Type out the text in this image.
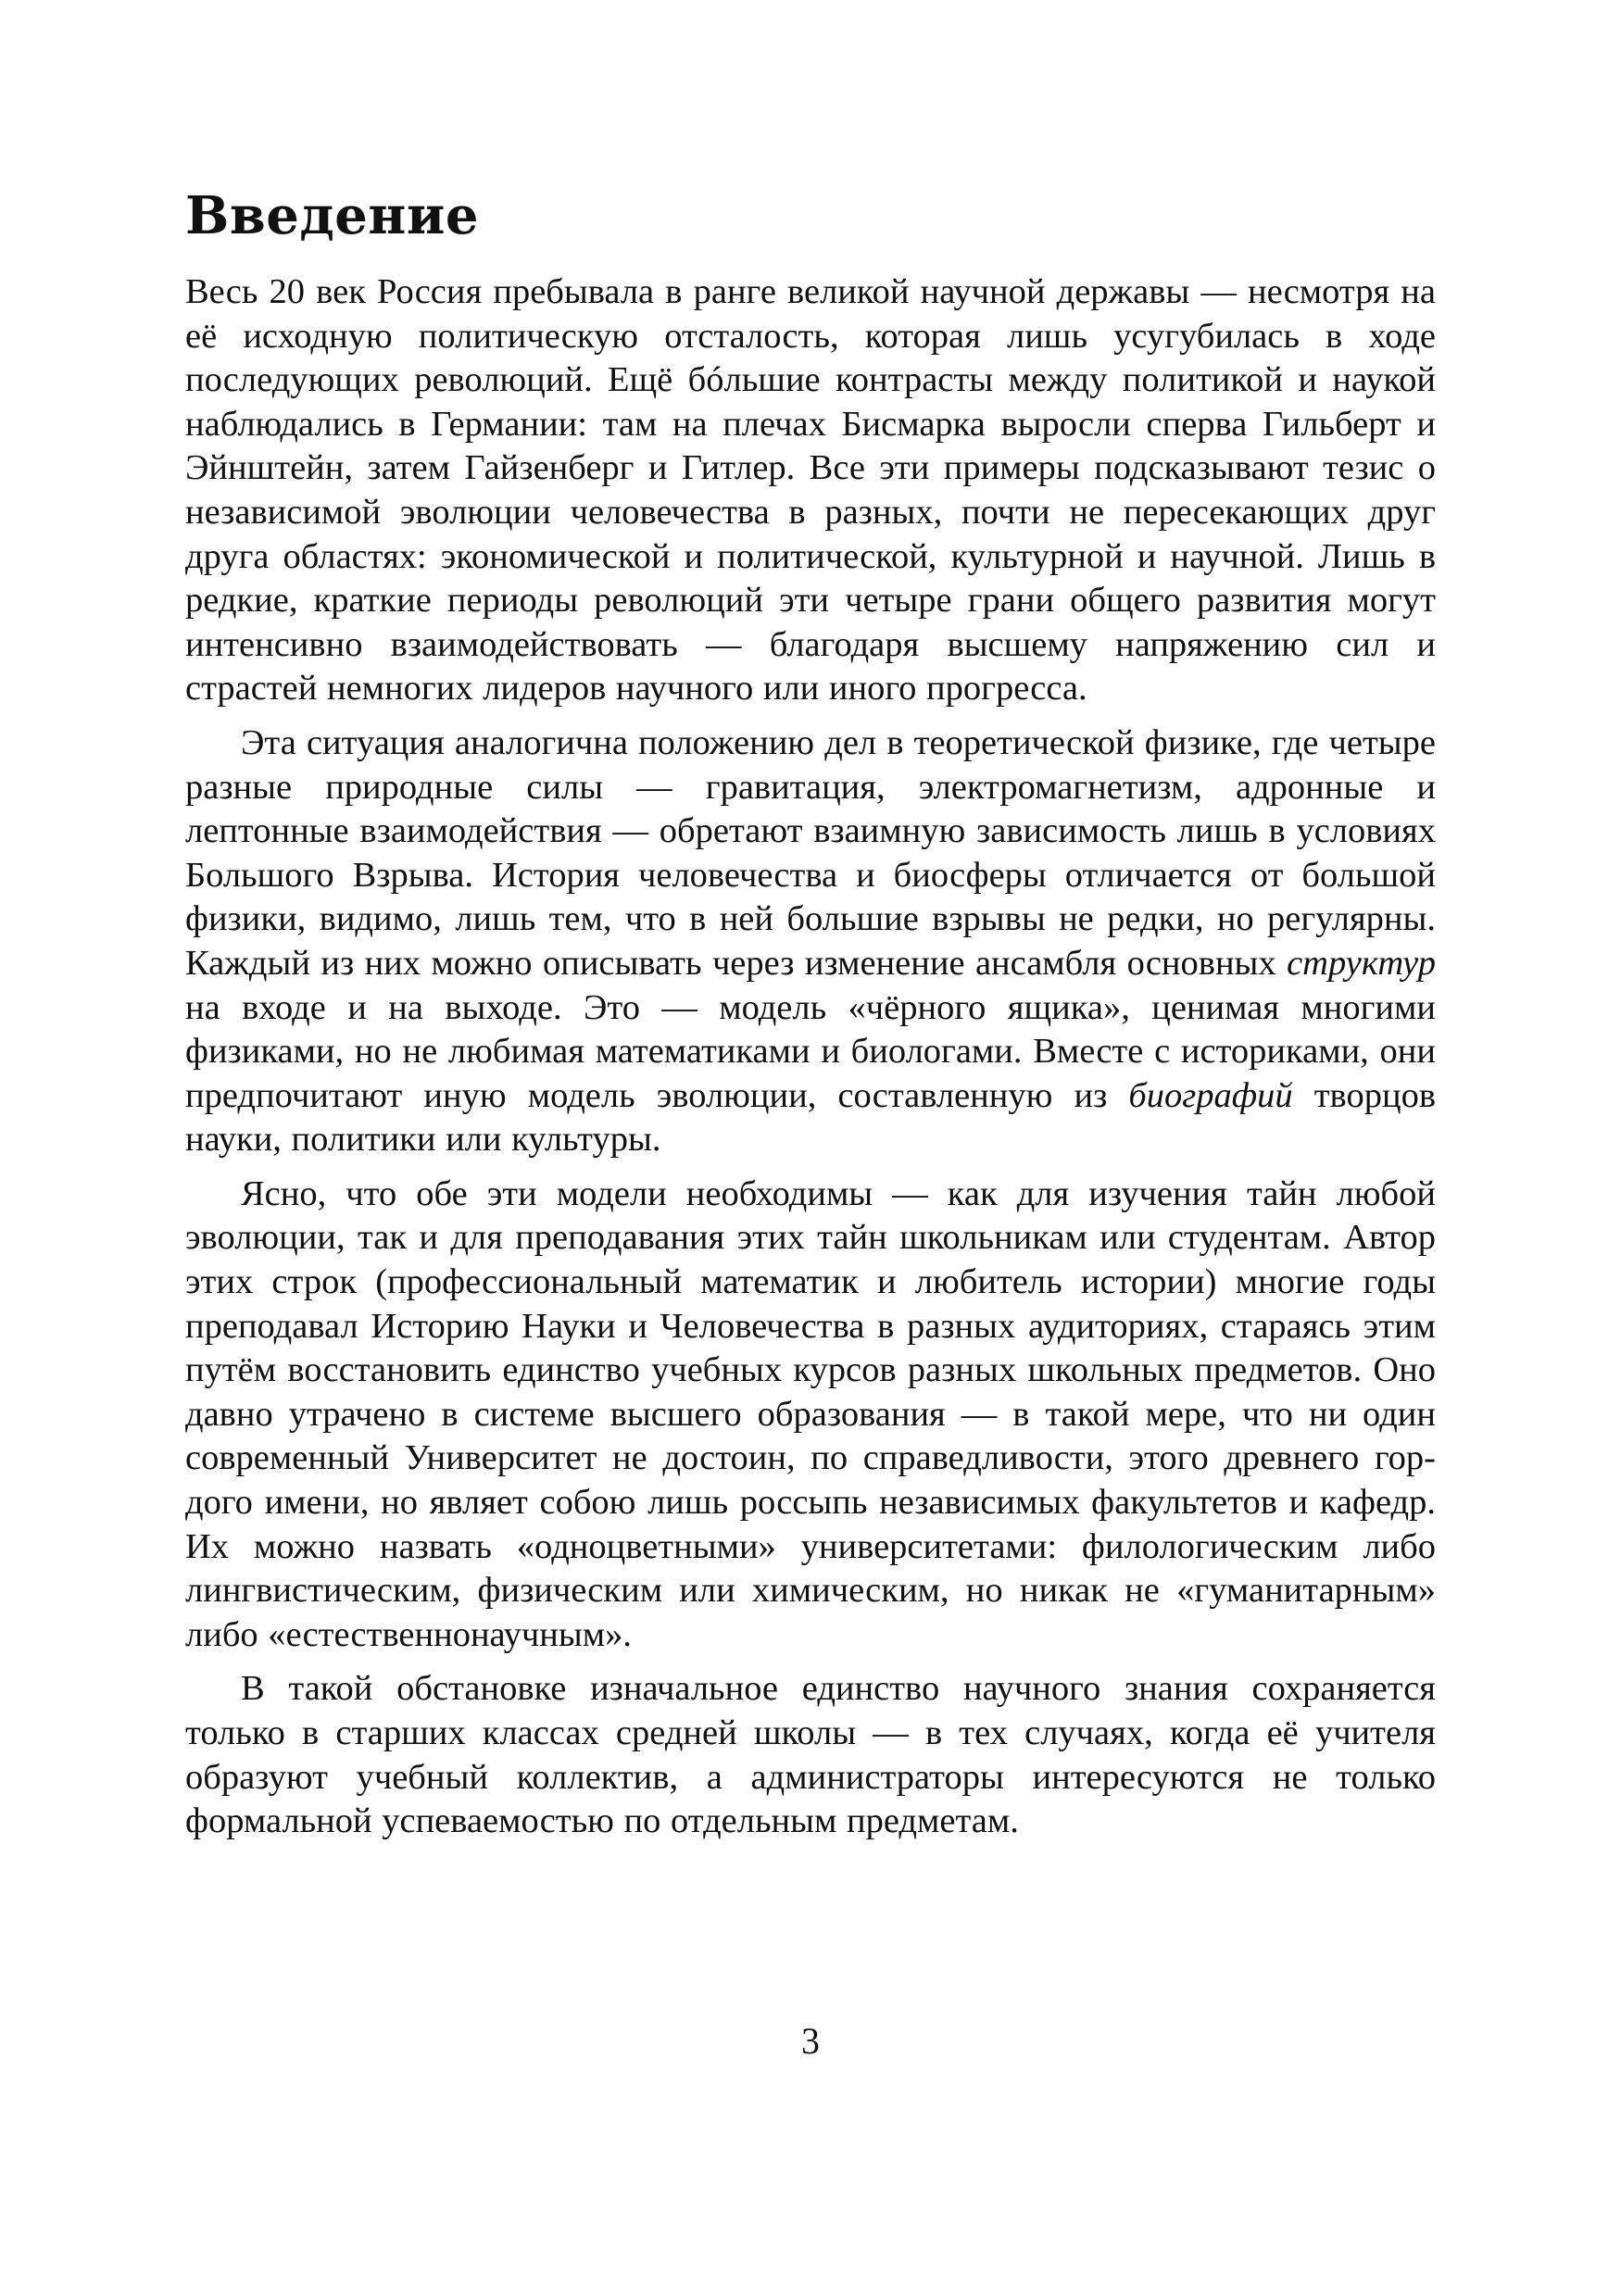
Введение

Весь 20 век Россия пребывала в ранге великой научной державы — несмотря на её исходную политическую отсталость, которая лишь усугубилась в ходе последующих революций. Ещё бóльшие контрасты между политикой и наукой наблюдались в Германии: там на плечах Бисмарка выросли сперва Гильберт и Эйнштейн, затем Гайзенберг и Гитлер. Все эти примеры подсказывают тезис о независимой эволюции человечества в разных, почти не пересекающих друг друга областях: экономической и политической, культурной и научной. Лишь в редкие, краткие периоды революций эти четыре грани общего развития могут интенсивно взаимодействовать — благодаря высшему напряжению сил и страстей немногих лидеров научного или иного прогресса.

Эта ситуация аналогична положению дел в теоретической физике, где четыре разные природные силы — гравитация, электромагнетизм, адронные и лептонные взаимодействия — обретают взаимную зависимость лишь в условиях Большого Взрыва. История человечества и биосферы отличается от большой физики, видимо, лишь тем, что в ней большие взрывы не редки, но регулярны. Каждый из них можно описывать через изменение ансамбля основных структур на входе и на выходе. Это — модель «чёрного ящика», ценимая многими физиками, но не любимая математиками и биологами. Вместе с историками, они предпочитают иную модель эволюции, составленную из биографий творцов науки, политики или культуры.

Ясно, что обе эти модели необходимы — как для изучения тайн любой эволюции, так и для преподавания этих тайн школьникам или студентам. Автор этих строк (профессиональный математик и любитель истории) многие годы преподавал Историю Науки и Человечества в разных аудиториях, стараясь этим путём восстановить единство учебных курсов разных школьных предметов. Оно давно утрачено в системе высшего образования — в такой мере, что ни один современный Университет не достоин, по справедливости, этого древнего гордого имени, но являет собою лишь россыпь независимых факультетов и кафедр. Их можно назвать «одноцветными» университетами: филологическим либо лингвистическим, физическим или химическим, но никак не «гуманитарным» либо «естественнонаучным».

В такой обстановке изначальное единство научного знания сохраняется только в старших классах средней школы — в тех случаях, когда её учителя образуют учебный коллектив, а администраторы интересуются не только формальной успеваемостью по отдельным предметам.

3
